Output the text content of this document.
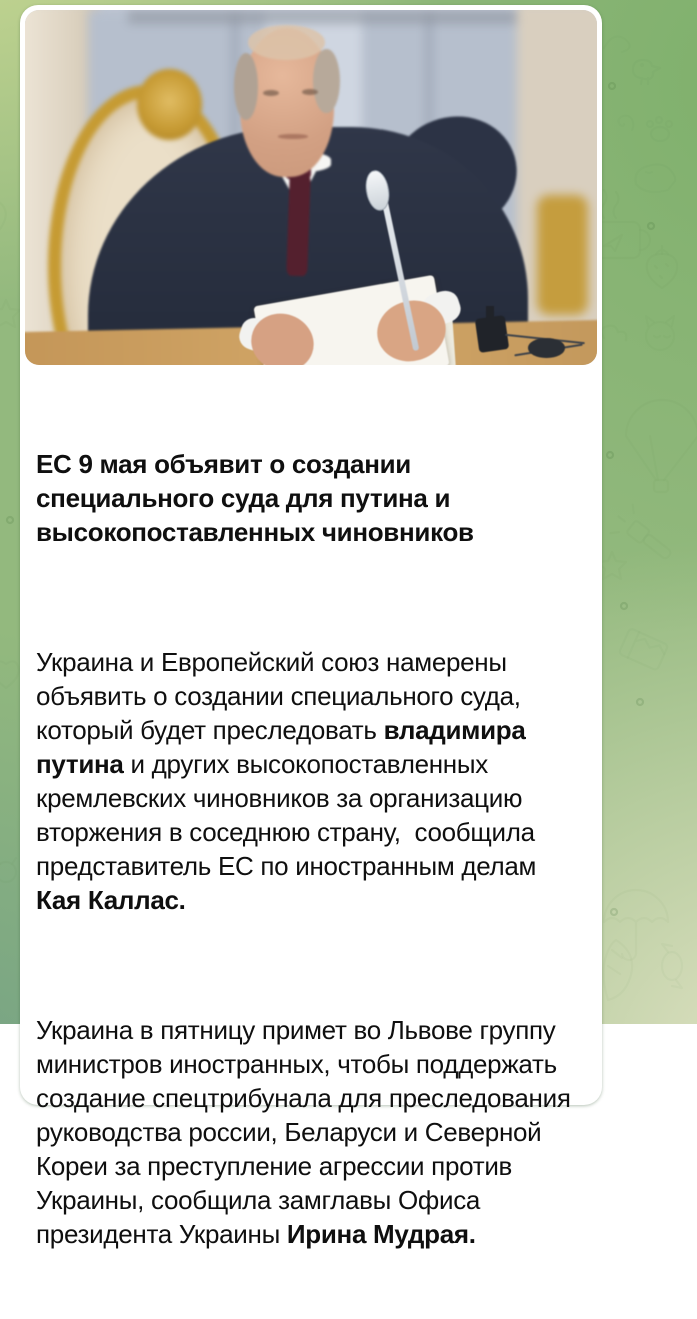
ЕС 9 мая объявит о создании специального суда для путина и высокопоставленных чиновников

Украина и Европейский союз намерены объявить о создании специального суда, который будет преследовать владимира путина и других высокопоставленных кремлевских чиновников за организацию вторжения в соседнюю страну,  сообщила представитель ЕС по иностранным делам Кая Каллас.

Украина в пятницу примет во Львове группу министров иностранных, чтобы поддержать создание спецтрибунала для преследования руководства россии, Беларуси и Северной Кореи за преступление агрессии против Украины, сообщила замглавы Офиса президента Украины Ирина Мудрая.
